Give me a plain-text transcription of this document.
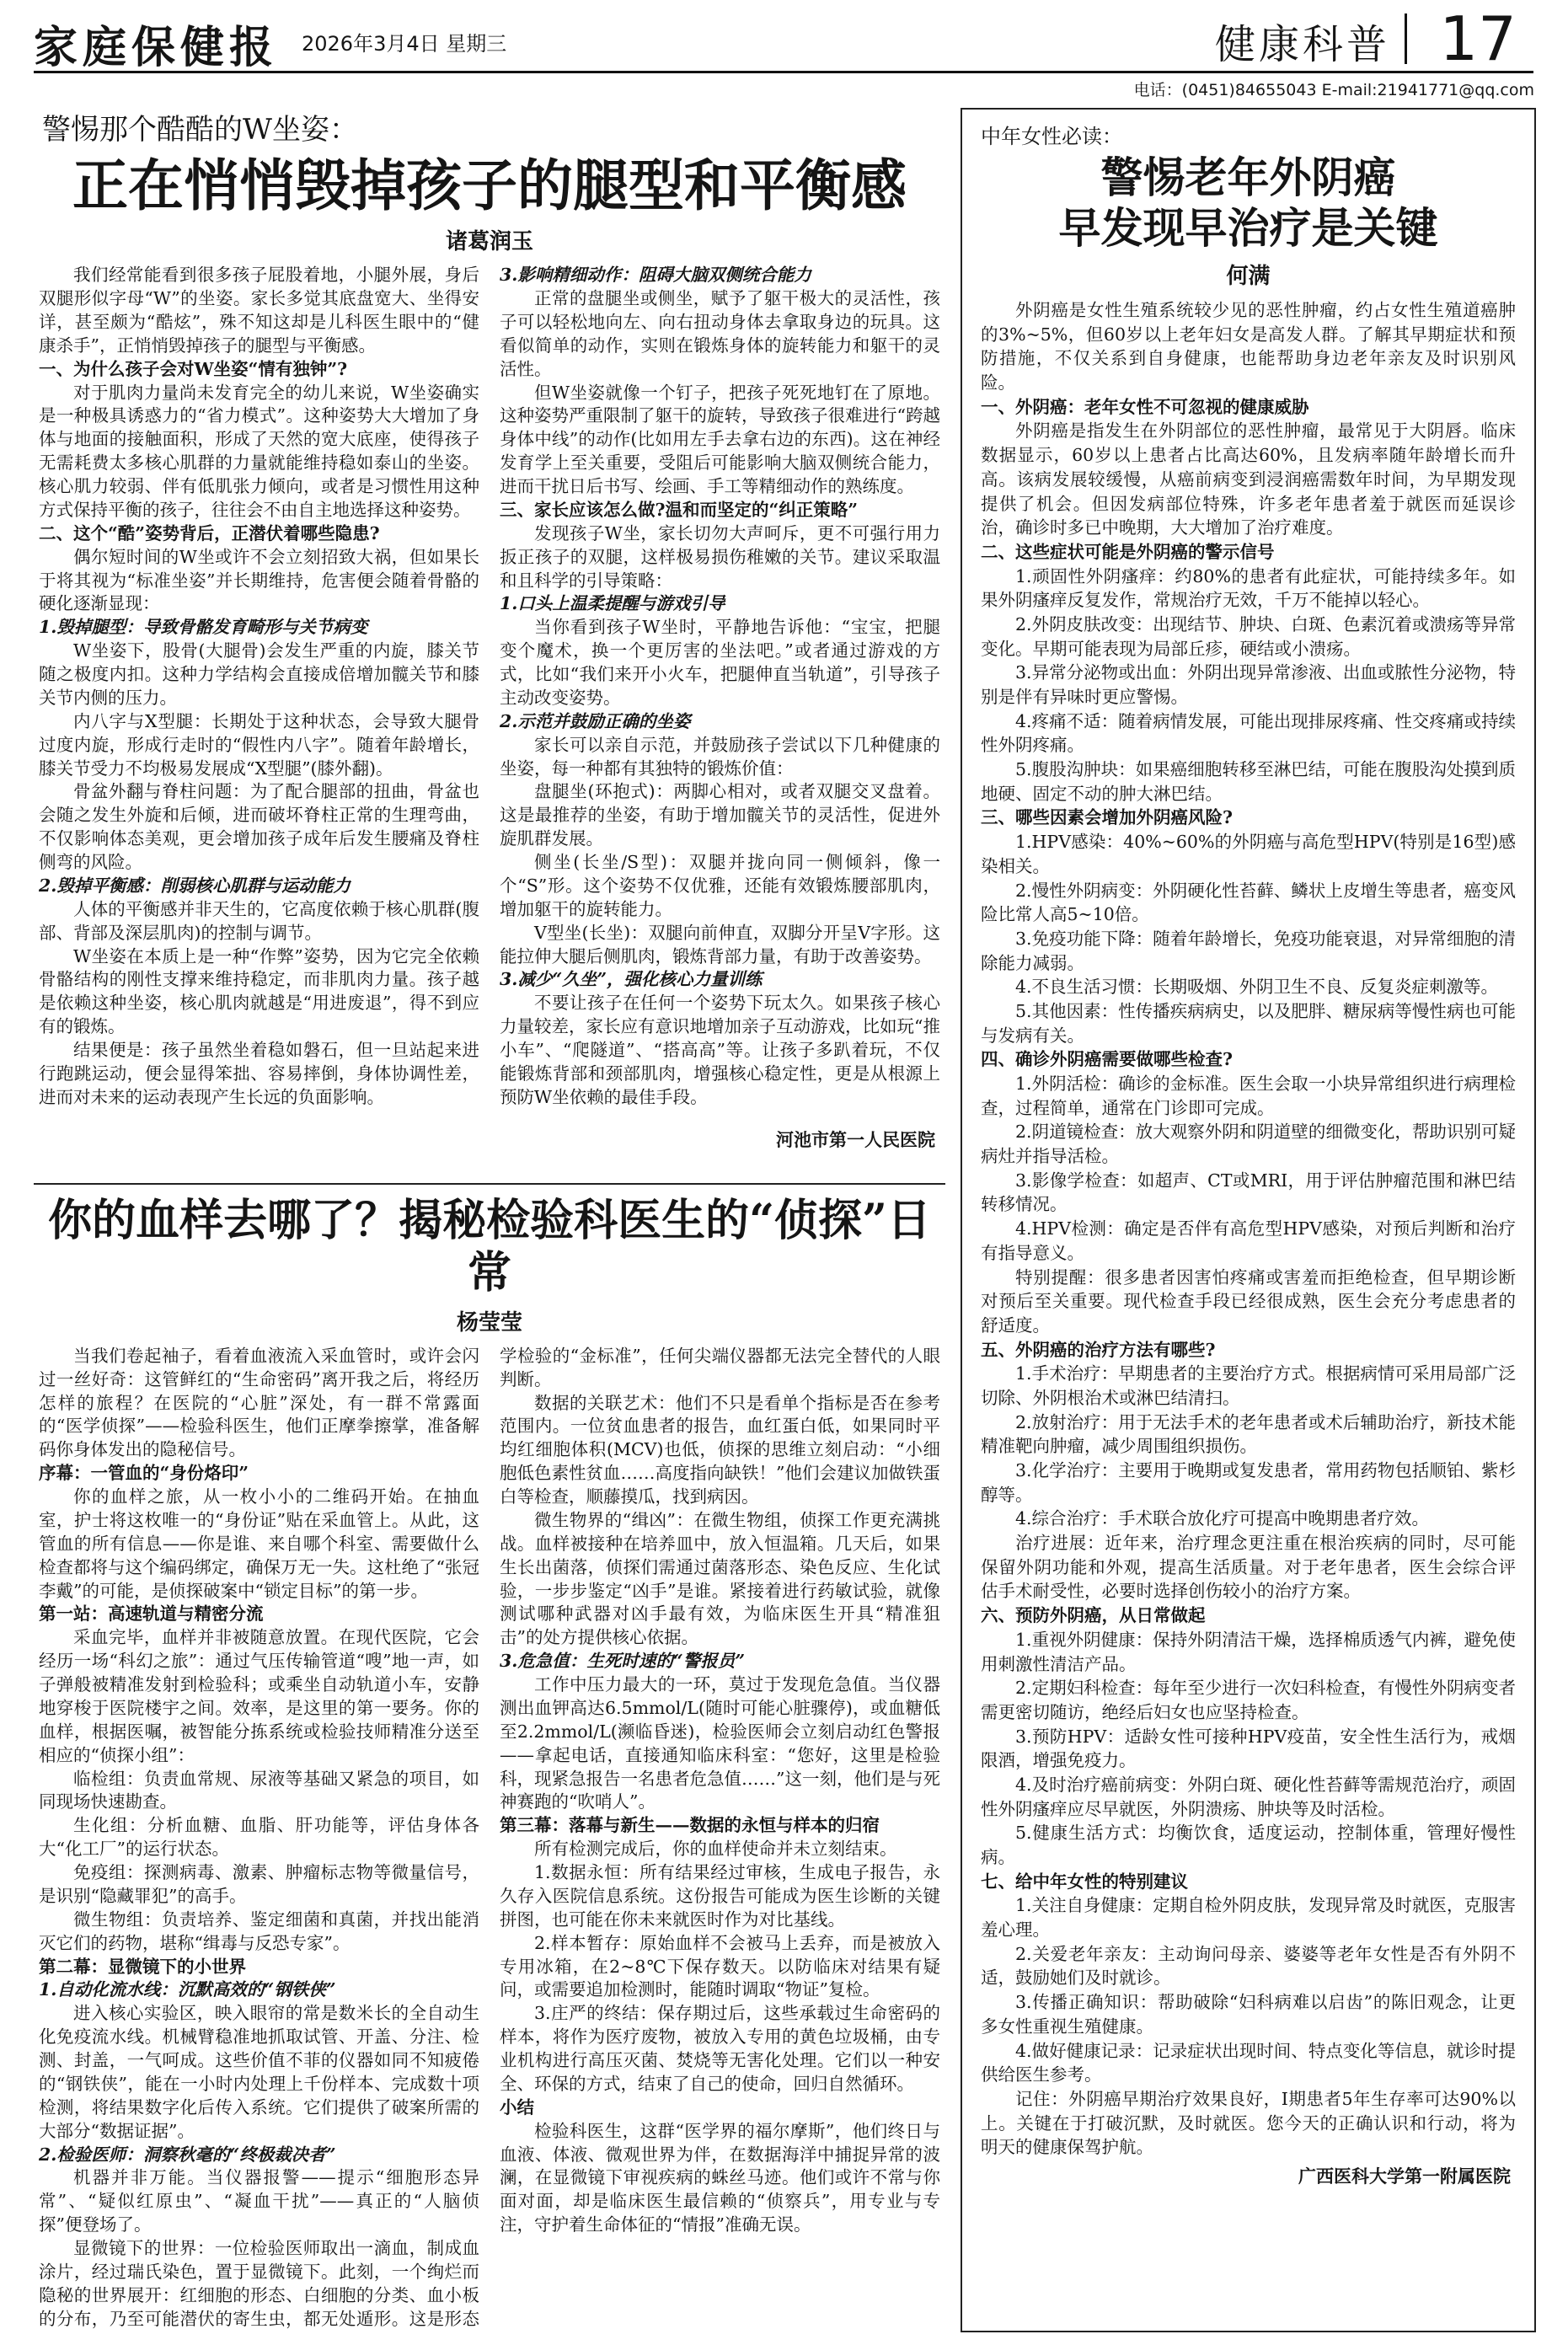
家庭保健报 2026年3月4日 星期三	健康科普 17
电话：(0451)84655043 E-mail:21941771@qq.com
警惕那个酷酷的W坐姿：
正在悄悄毁掉孩子的腿型和平衡感
诸葛润玉

我们经常能看到很多孩子屁股着地，小腿外展，身后双腿形似字母“W”的坐姿。家长多觉其底盘宽大、坐得安详，甚至颇为“酷炫”，殊不知这却是儿科医生眼中的“健康杀手”，正悄悄毁掉孩子的腿型与平衡感。

一、为什么孩子会对W坐姿“情有独钟”?

对于肌肉力量尚未发育完全的幼儿来说，W坐姿确实是一种极具诱惑力的“省力模式”。这种姿势大大增加了身体与地面的接触面积，形成了天然的宽大底座，使得孩子无需耗费太多核心肌群的力量就能维持稳如泰山的坐姿。核心肌力较弱、伴有低肌张力倾向，或者是习惯性用这种方式保持平衡的孩子，往往会不由自主地选择这种姿势。

二、这个“酷”姿势背后，正潜伏着哪些隐患?

偶尔短时间的W坐或许不会立刻招致大祸，但如果长于将其视为“标准坐姿”并长期维持，危害便会随着骨骼的硬化逐渐显现：

1.毁掉腿型：导致骨骼发育畸形与关节病变

W坐姿下，股骨(大腿骨)会发生严重的内旋，膝关节随之极度内扣。这种力学结构会直接成倍增加髋关节和膝关节内侧的压力。

内八字与X型腿：长期处于这种状态，会导致大腿骨过度内旋，形成行走时的“假性内八字”。随着年龄增长，膝关节受力不均极易发展成“X型腿”(膝外翻)。

骨盆外翻与脊柱问题：为了配合腿部的扭曲，骨盆也会随之发生外旋和后倾，进而破坏脊柱正常的生理弯曲，不仅影响体态美观，更会增加孩子成年后发生腰痛及脊柱侧弯的风险。

2.毁掉平衡感：削弱核心肌群与运动能力

人体的平衡感并非天生的，它高度依赖于核心肌群(腹部、背部及深层肌肉)的控制与调节。

W坐姿在本质上是一种“作弊”姿势，因为它完全依赖骨骼结构的刚性支撑来维持稳定，而非肌肉力量。孩子越是依赖这种坐姿，核心肌肉就越是“用进废退”，得不到应有的锻炼。

结果便是：孩子虽然坐着稳如磐石，但一旦站起来进行跑跳运动，便会显得笨拙、容易摔倒，身体协调性差，进而对未来的运动表现产生长远的负面影响。

3.影响精细动作：阻碍大脑双侧统合能力

正常的盘腿坐或侧坐，赋予了躯干极大的灵活性，孩子可以轻松地向左、向右扭动身体去拿取身边的玩具。这看似简单的动作，实则在锻炼身体的旋转能力和躯干的灵活性。

但W坐姿就像一个钉子，把孩子死死地钉在了原地。这种姿势严重限制了躯干的旋转，导致孩子很难进行“跨越身体中线”的动作(比如用左手去拿右边的东西)。这在神经发育学上至关重要，受阻后可能影响大脑双侧统合能力，进而干扰日后书写、绘画、手工等精细动作的熟练度。

三、家长应该怎么做?温和而坚定的“纠正策略”

发现孩子W坐，家长切勿大声呵斥，更不可强行用力扳正孩子的双腿，这样极易损伤稚嫩的关节。建议采取温和且科学的引导策略：

1.口头上温柔提醒与游戏引导

当你看到孩子W坐时，平静地告诉他：“宝宝，把腿变个魔术，换一个更厉害的坐法吧。”或者通过游戏的方式，比如“我们来开小火车，把腿伸直当轨道”，引导孩子主动改变姿势。

2.示范并鼓励正确的坐姿

家长可以亲自示范，并鼓励孩子尝试以下几种健康的坐姿，每一种都有其独特的锻炼价值：

盘腿坐(环抱式)：两脚心相对，或者双腿交叉盘着。这是最推荐的坐姿，有助于增加髋关节的灵活性，促进外旋肌群发展。

侧坐(长坐/S型)：双腿并拢向同一侧倾斜，像一个“S”形。这个姿势不仅优雅，还能有效锻炼腰部肌肉，增加躯干的旋转能力。

V型坐(长坐)：双腿向前伸直，双脚分开呈V字形。这能拉伸大腿后侧肌肉，锻炼背部力量，有助于改善姿势。

3.减少“久坐”，强化核心力量训练

不要让孩子在任何一个姿势下玩太久。如果孩子核心力量较差，家长应有意识地增加亲子互动游戏，比如玩“推小车”、“爬隧道”、“搭高高”等。让孩子多趴着玩，不仅能锻炼背部和颈部肌肉，增强核心稳定性，更是从根源上预防W坐依赖的最佳手段。

河池市第一人民医院
你的血样去哪了？揭秘检验科医生的“侦探”日常
杨莹莹

当我们卷起袖子，看着血液流入采血管时，或许会闪过一丝好奇：这管鲜红的“生命密码”离开我之后，将经历怎样的旅程？在医院的“心脏”深处，有一群不常露面的“医学侦探”——检验科医生，他们正摩拳擦掌，准备解码你身体发出的隐秘信号。

序幕：一管血的“身份烙印”

你的血样之旅，从一枚小小的二维码开始。在抽血室，护士将这枚唯一的“身份证”贴在采血管上。从此，这管血的所有信息——你是谁、来自哪个科室、需要做什么检查都将与这个编码绑定，确保万无一失。这杜绝了“张冠李戴”的可能，是侦探破案中“锁定目标”的第一步。

第一站：高速轨道与精密分流

采血完毕，血样并非被随意放置。在现代医院，它会经历一场“科幻之旅”：通过气压传输管道“嗖”地一声，如子弹般被精准发射到检验科；或乘坐自动轨道小车，安静地穿梭于医院楼宇之间。效率，是这里的第一要务。你的血样，根据医嘱，被智能分拣系统或检验技师精准分送至相应的“侦探小组”：

临检组：负责血常规、尿液等基础又紧急的项目，如同现场快速勘查。

生化组：分析血糖、血脂、肝功能等，评估身体各大“化工厂”的运行状态。

免疫组：探测病毒、激素、肿瘤标志物等微量信号，是识别“隐藏罪犯”的高手。

微生物组：负责培养、鉴定细菌和真菌，并找出能消灭它们的药物，堪称“缉毒与反恐专家”。

第二幕：显微镜下的小世界

1.自动化流水线：沉默高效的“钢铁侠”

进入核心实验区，映入眼帘的常是数米长的全自动生化免疫流水线。机械臂稳准地抓取试管、开盖、分注、检测、封盖，一气呵成。这些价值不菲的仪器如同不知疲倦的“钢铁侠”，能在一小时内处理上千份样本、完成数十项检测，将结果数字化后传入系统。它们提供了破案所需的大部分“数据证据”。

2.检验医师：洞察秋毫的“终极裁决者”

机器并非万能。当仪器报警——提示“细胞形态异常”、“疑似红原虫”、“凝血干扰”——真正的“人脑侦探”便登场了。

显微镜下的世界：一位检验医师取出一滴血，制成血涂片，经过瑞氏染色，置于显微镜下。此刻，一个绚烂而隐秘的世界展开：红细胞的形态、白细胞的分类、血小板的分布，乃至可能潜伏的寄生虫，都无处遁形。这是形态学检验的“金标准”，任何尖端仪器都无法完全替代的人眼判断。

数据的关联艺术：他们不只是看单个指标是否在参考范围内。一位贫血患者的报告，血红蛋白低，如果同时平均红细胞体积(MCV)也低，侦探的思维立刻启动：“小细胞低色素性贫血……高度指向缺铁！”他们会建议加做铁蛋白等检查，顺藤摸瓜，找到病因。

微生物界的“缉凶”：在微生物组，侦探工作更充满挑战。血样被接种在培养皿中，放入恒温箱。几天后，如果生长出菌落，侦探们需通过菌落形态、染色反应、生化试验，一步步鉴定“凶手”是谁。紧接着进行药敏试验，就像测试哪种武器对凶手最有效，为临床医生开具“精准狙击”的处方提供核心依据。

3.危急值：生死时速的“警报员”

工作中压力最大的一环，莫过于发现危急值。当仪器测出血钾高达6.5mmol/L(随时可能心脏骤停)，或血糖低至2.2mmol/L(濒临昏迷)，检验医师会立刻启动红色警报——拿起电话，直接通知临床科室：“您好，这里是检验科，现紧急报告一名患者危急值……”这一刻，他们是与死神赛跑的“吹哨人”。

第三幕：落幕与新生——数据的永恒与样本的归宿

所有检测完成后，你的血样使命并未立刻结束。

1.数据永恒：所有结果经过审核，生成电子报告，永久存入医院信息系统。这份报告可能成为医生诊断的关键拼图，也可能在你未来就医时作为对比基线。

2.样本暂存：原始血样不会被马上丢弃，而是被放入专用冰箱，在2~8℃下保存数天。以防临床对结果有疑问，或需要追加检测时，能随时调取“物证”复检。

3.庄严的终结：保存期过后，这些承载过生命密码的样本，将作为医疗废物，被放入专用的黄色垃圾桶，由专业机构进行高压灭菌、焚烧等无害化处理。它们以一种安全、环保的方式，结束了自己的使命，回归自然循环。

小结

检验科医生，这群“医学界的福尔摩斯”，他们终日与血液、体液、微观世界为伴，在数据海洋中捕捉异常的波澜，在显微镜下审视疾病的蛛丝马迹。他们或许不常与你面对面，却是临床医生最信赖的“侦察兵”，用专业与专注，守护着生命体征的“情报”准确无误。

中年女性必读：
警惕老年外阴癌
早发现早治疗是关键
何满

外阴癌是女性生殖系统较少见的恶性肿瘤，约占女性生殖道癌肿的3%~5%，但60岁以上老年妇女是高发人群。了解其早期症状和预防措施，不仅关系到自身健康，也能帮助身边老年亲友及时识别风险。

一、外阴癌：老年女性不可忽视的健康威胁

外阴癌是指发生在外阴部位的恶性肿瘤，最常见于大阴唇。临床数据显示，60岁以上患者占比高达60%，且发病率随年龄增长而升高。该病发展较缓慢，从癌前病变到浸润癌需数年时间，为早期发现提供了机会。但因发病部位特殊，许多老年患者羞于就医而延误诊治，确诊时多已中晚期，大大增加了治疗难度。

二、这些症状可能是外阴癌的警示信号

1.顽固性外阴瘙痒：约80%的患者有此症状，可能持续多年。如果外阴瘙痒反复发作，常规治疗无效，千万不能掉以轻心。

2.外阴皮肤改变：出现结节、肿块、白斑、色素沉着或溃疡等异常变化。早期可能表现为局部丘疹，硬结或小溃疡。

3.异常分泌物或出血：外阴出现异常渗液、出血或脓性分泌物，特别是伴有异味时更应警惕。

4.疼痛不适：随着病情发展，可能出现排尿疼痛、性交疼痛或持续性外阴疼痛。

5.腹股沟肿块：如果癌细胞转移至淋巴结，可能在腹股沟处摸到质地硬、固定不动的肿大淋巴结。

三、哪些因素会增加外阴癌风险?

1.HPV感染：40%~60%的外阴癌与高危型HPV(特别是16型)感染相关。

2.慢性外阴病变：外阴硬化性苔藓、鳞状上皮增生等患者，癌变风险比常人高5~10倍。

3.免疫功能下降：随着年龄增长，免疫功能衰退，对异常细胞的清除能力减弱。

4.不良生活习惯：长期吸烟、外阴卫生不良、反复炎症刺激等。

5.其他因素：性传播疾病病史，以及肥胖、糖尿病等慢性病也可能与发病有关。

四、确诊外阴癌需要做哪些检查?

1.外阴活检：确诊的金标准。医生会取一小块异常组织进行病理检查，过程简单，通常在门诊即可完成。

2.阴道镜检查：放大观察外阴和阴道壁的细微变化，帮助识别可疑病灶并指导活检。

3.影像学检查：如超声、CT或MRI，用于评估肿瘤范围和淋巴结转移情况。

4.HPV检测：确定是否伴有高危型HPV感染，对预后判断和治疗有指导意义。

特别提醒：很多患者因害怕疼痛或害羞而拒绝检查，但早期诊断对预后至关重要。现代检查手段已经很成熟，医生会充分考虑患者的舒适度。

五、外阴癌的治疗方法有哪些?

1.手术治疗：早期患者的主要治疗方式。根据病情可采用局部广泛切除、外阴根治术或淋巴结清扫。

2.放射治疗：用于无法手术的老年患者或术后辅助治疗，新技术能精准靶向肿瘤，减少周围组织损伤。

3.化学治疗：主要用于晚期或复发患者，常用药物包括顺铂、紫杉醇等。

4.综合治疗：手术联合放化疗可提高中晚期患者疗效。

治疗进展：近年来，治疗理念更注重在根治疾病的同时，尽可能保留外阴功能和外观，提高生活质量。对于老年患者，医生会综合评估手术耐受性，必要时选择创伤较小的治疗方案。

六、预防外阴癌，从日常做起

1.重视外阴健康：保持外阴清洁干燥，选择棉质透气内裤，避免使用刺激性清洁产品。

2.定期妇科检查：每年至少进行一次妇科检查，有慢性外阴病变者需更密切随访，绝经后妇女也应坚持检查。

3.预防HPV：适龄女性可接种HPV疫苗，安全性生活行为，戒烟限酒，增强免疫力。

4.及时治疗癌前病变：外阴白斑、硬化性苔藓等需规范治疗，顽固性外阴瘙痒应尽早就医，外阴溃疡、肿块等及时活检。

5.健康生活方式：均衡饮食，适度运动，控制体重，管理好慢性病。

七、给中年女性的特别建议

1.关注自身健康：定期自检外阴皮肤，发现异常及时就医，克服害羞心理。

2.关爱老年亲友：主动询问母亲、婆婆等老年女性是否有外阴不适，鼓励她们及时就诊。

3.传播正确知识：帮助破除“妇科病难以启齿”的陈旧观念，让更多女性重视生殖健康。

4.做好健康记录：记录症状出现时间、特点变化等信息，就诊时提供给医生参考。

记住：外阴癌早期治疗效果良好，I期患者5年生存率可达90%以上。关键在于打破沉默，及时就医。您今天的正确认识和行动，将为明天的健康保驾护航。

广西医科大学第一附属医院
